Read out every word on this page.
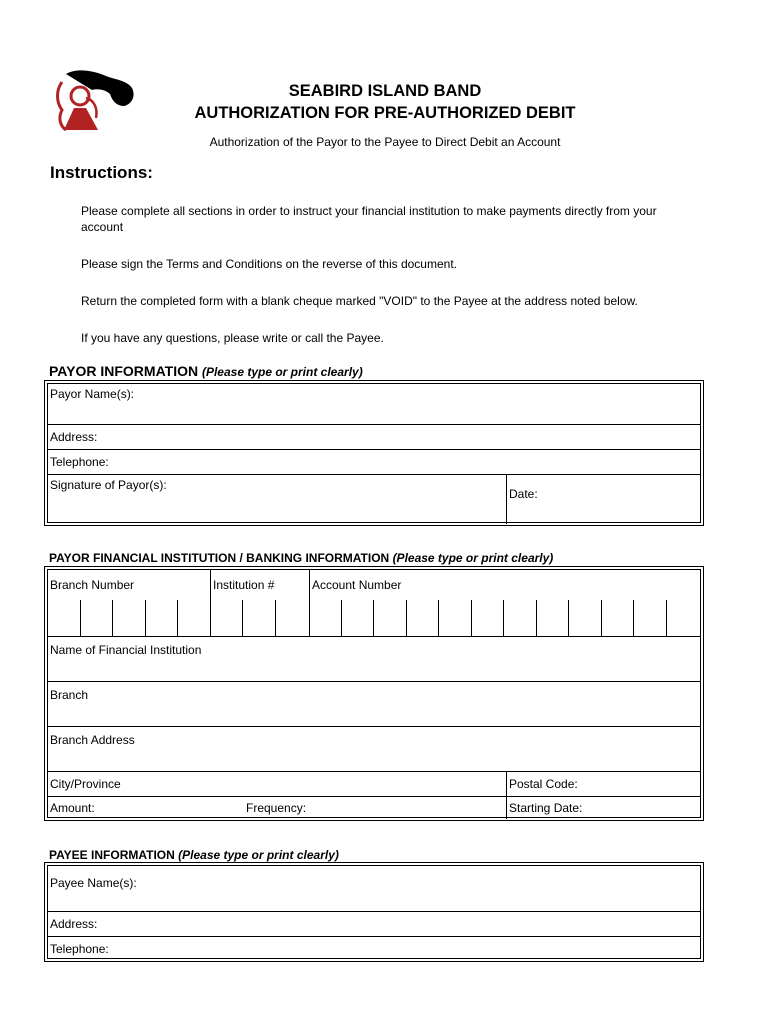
SEABIRD ISLAND BAND
AUTHORIZATION FOR PRE-AUTHORIZED DEBIT
Authorization of the Payor to the Payee to Direct Debit an Account
Instructions:
Please complete all sections in order to instruct your financial institution to make payments directly from your account
Please sign the Terms and Conditions on the reverse of this document.
Return the completed form with a blank cheque marked "VOID" to the Payee at the address noted below.
If you have any questions, please write or call the Payee.
PAYOR INFORMATION (Please type or print clearly)
Payor Name(s):
Address:
Telephone:
Signature of Payor(s):
Date:
PAYOR FINANCIAL INSTITUTION / BANKING INFORMATION (Please type or print clearly)
Branch Number	Institution #	Account Number
Name of Financial Institution
Branch
Branch Address
City/Province	Postal Code:
Amount:	Frequency:	Starting Date:
PAYEE INFORMATION (Please type or print clearly)
Payee Name(s):
Address:
Telephone:
